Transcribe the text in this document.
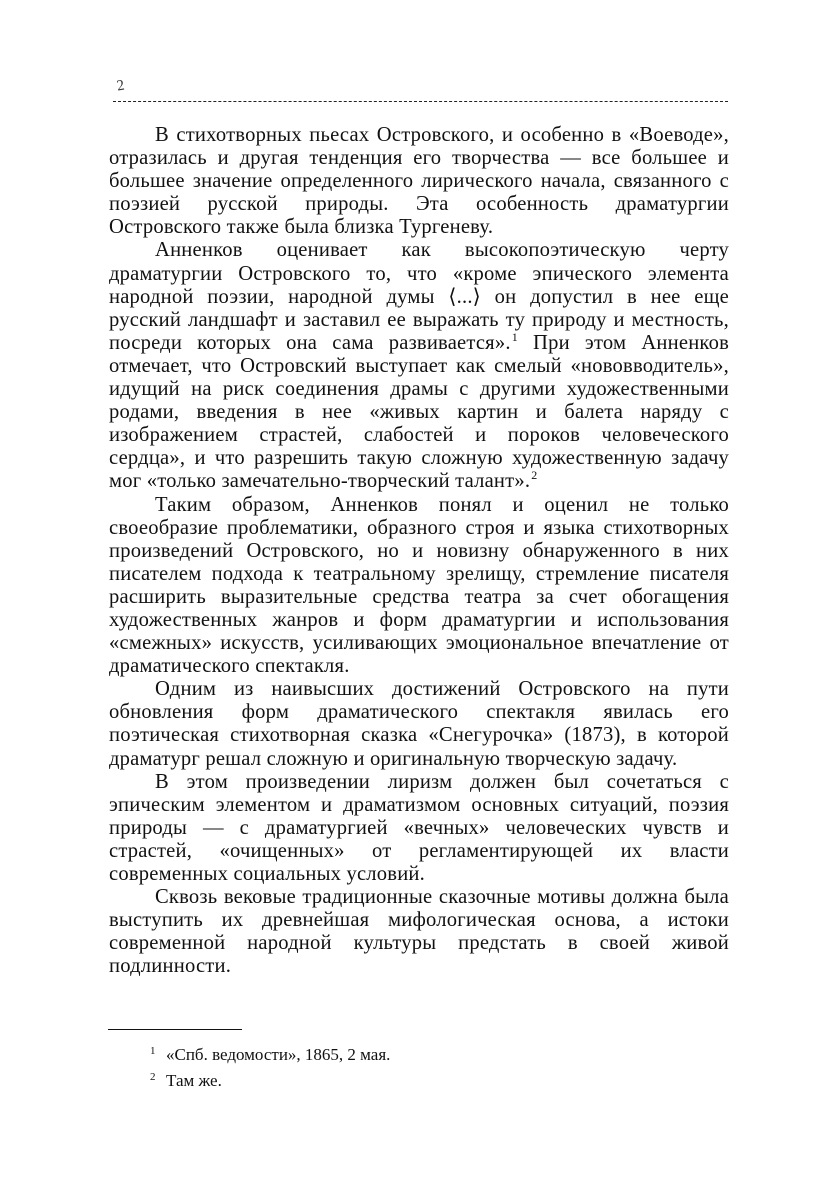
2

В стихотворных пьесах Островского, и особенно в «Воеводе», отразилась и другая тенденция его творчества — все большее и большее значение определенного лирического начала, связанного с поэзией русской природы. Эта особенность драматургии Островского также была близка Тургеневу.

Анненков оценивает как высокопоэтическую черту драматургии Островского то, что «кроме эпического элемента народной поэзии, народной думы ⟨...⟩ он допустил в нее еще русский ландшафт и заставил ее выражать ту природу и местность, посреди которых она сама развивается».$^1$ При этом Анненков отмечает, что Островский выступает как смелый «нововводитель», идущий на риск соединения драмы с другими художественными родами, введения в нее «живых картин и балета наряду с изображением страстей, слабостей и пороков человеческого сердца», и что разрешить такую сложную художественную задачу мог «только замечательно-творческий талант».$^2$

Таким образом, Анненков понял и оценил не только своеобразие проблематики, образного строя и языка стихотворных произведений Островского, но и новизну обнаруженного в них писателем подхода к театральному зрелищу, стремление писателя расширить выразительные средства театра за счет обогащения художественных жанров и форм драматургии и использования «смежных» искусств, усиливающих эмоциональное впечатление от драматического спектакля.

Одним из наивысших достижений Островского на пути обновления форм драматического спектакля явилась его поэтическая стихотворная сказка «Снегурочка» (1873), в которой драматург решал сложную и оригинальную творческую задачу.

В этом произведении лиризм должен был сочетаться с эпическим элементом и драматизмом основных ситуаций, поэзия природы — с драматургией «вечных» человеческих чувств и страстей, «очищенных» от регламентирующей их власти современных социальных условий.

Сквозь вековые традиционные сказочные мотивы должна была выступить их древнейшая мифологическая основа, а истоки современной народной культуры предстать в своей живой подлинности.

1 «Спб. ведомости», 1865, 2 мая.
2 Там же.
